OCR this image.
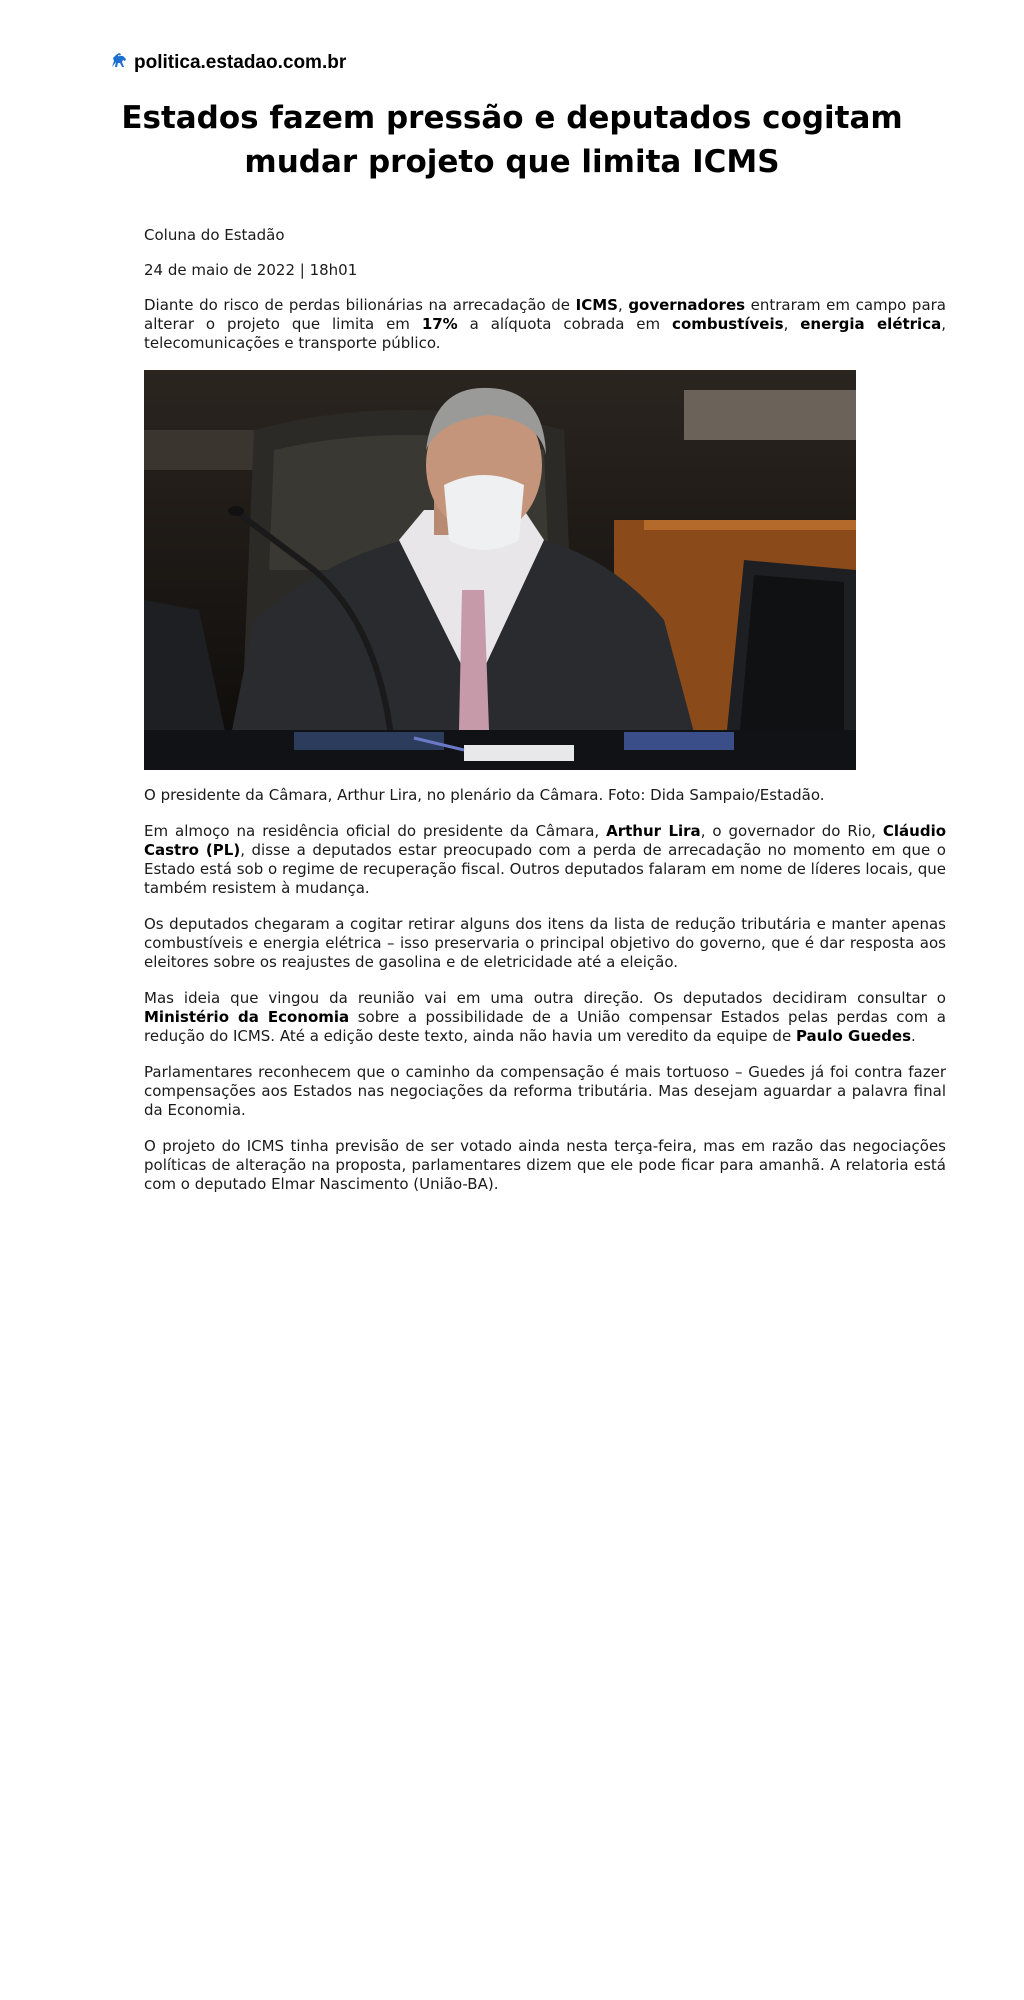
politica.estadao.com.br
Estados fazem pressão e deputados cogitam mudar projeto que limita ICMS

Coluna do Estadão

24 de maio de 2022 | 18h01

Diante do risco de perdas bilionárias na arrecadação de ICMS, governadores entraram em campo para alterar o projeto que limita em 17% a alíquota cobrada em combustíveis, energia elétrica, telecomunicações e transporte público.

O presidente da Câmara, Arthur Lira, no plenário da Câmara. Foto: Dida Sampaio/Estadão.

Em almoço na residência oficial do presidente da Câmara, Arthur Lira, o governador do Rio, Cláudio Castro (PL), disse a deputados estar preocupado com a perda de arrecadação no momento em que o Estado está sob o regime de recuperação fiscal. Outros deputados falaram em nome de líderes locais, que também resistem à mudança.

Os deputados chegaram a cogitar retirar alguns dos itens da lista de redução tributária e manter apenas combustíveis e energia elétrica – isso preservaria o principal objetivo do governo, que é dar resposta aos eleitores sobre os reajustes de gasolina e de eletricidade até a eleição.

Mas ideia que vingou da reunião vai em uma outra direção. Os deputados decidiram consultar o Ministério da Economia sobre a possibilidade de a União compensar Estados pelas perdas com a redução do ICMS. Até a edição deste texto, ainda não havia um veredito da equipe de Paulo Guedes.

Parlamentares reconhecem que o caminho da compensação é mais tortuoso – Guedes já foi contra fazer compensações aos Estados nas negociações da reforma tributária. Mas desejam aguardar a palavra final da Economia.

O projeto do ICMS tinha previsão de ser votado ainda nesta terça-feira, mas em razão das negociações políticas de alteração na proposta, parlamentares dizem que ele pode ficar para amanhã. A relatoria está com o deputado Elmar Nascimento (União-BA).
